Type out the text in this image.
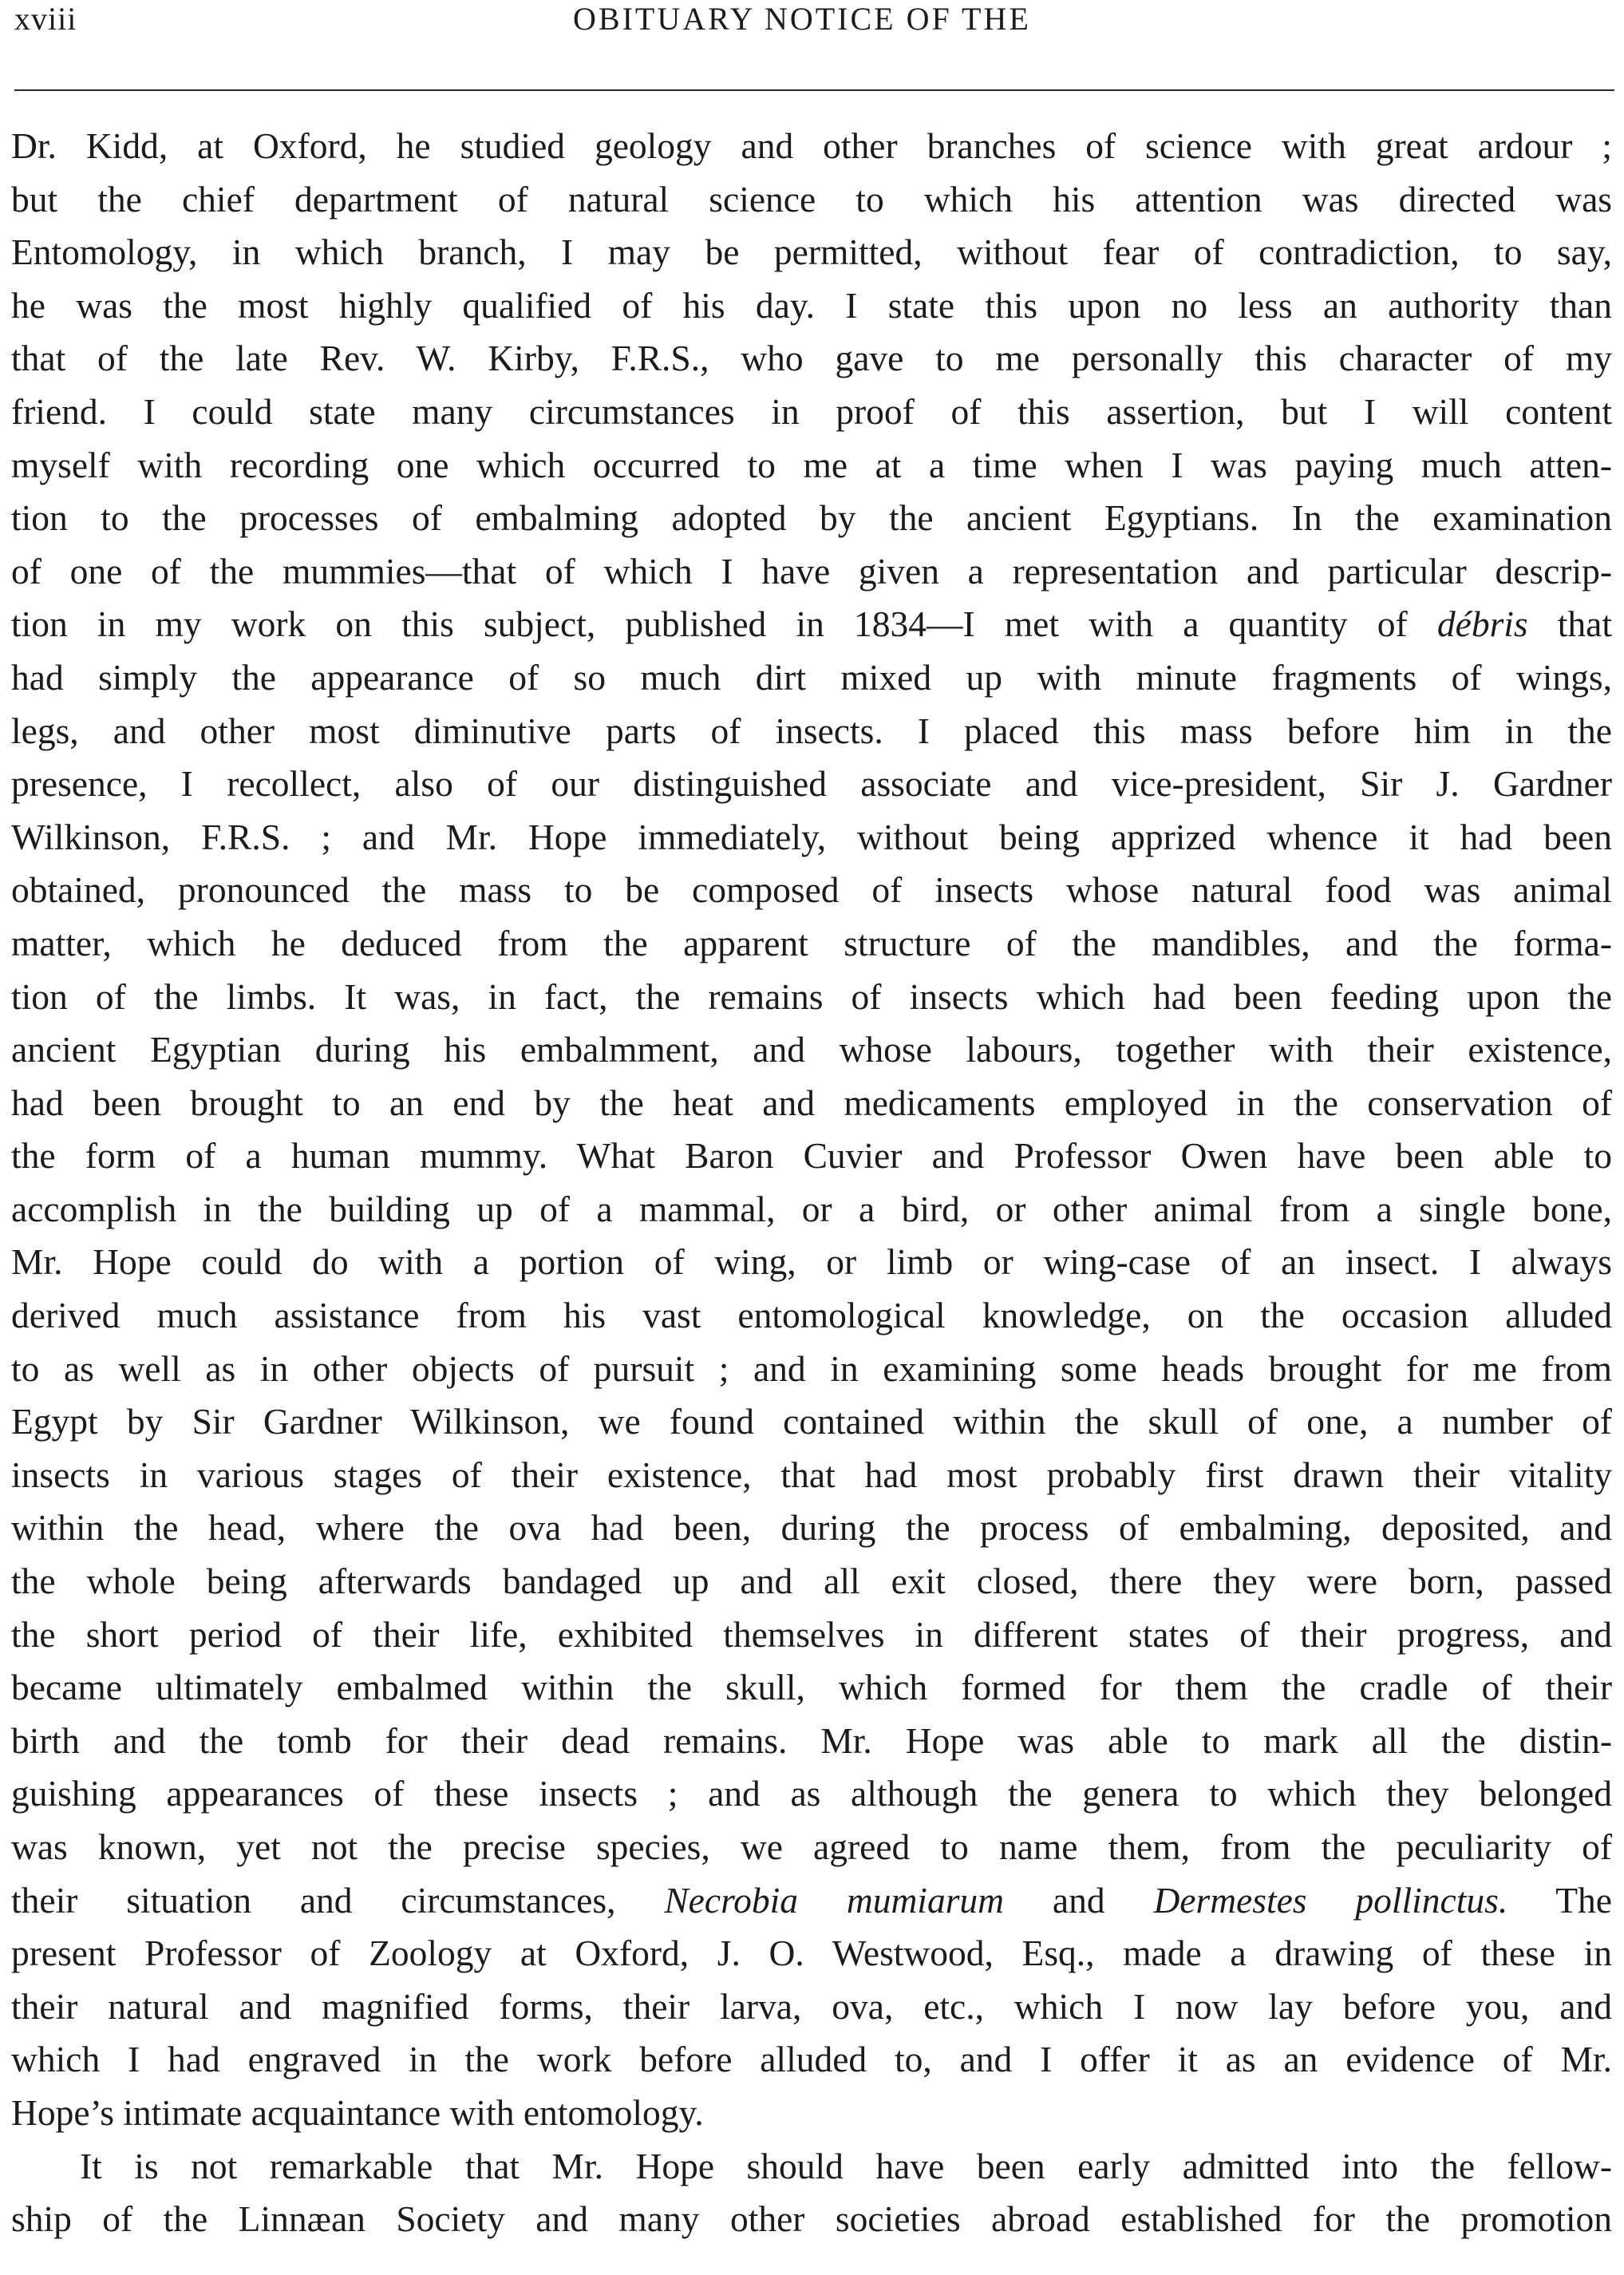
xviii	OBITUARY NOTICE OF THE
Dr. Kidd, at Oxford, he studied geology and other branches of science with great ardour ;
but the chief department of natural science to which his attention was directed was
Entomology, in which branch, I may be permitted, without fear of contradiction, to say,
he was the most highly qualified of his day. I state this upon no less an authority than
that of the late Rev. W. Kirby, F.R.S., who gave to me personally this character of my
friend. I could state many circumstances in proof of this assertion, but I will content
myself with recording one which occurred to me at a time when I was paying much atten-
tion to the processes of embalming adopted by the ancient Egyptians. In the examination
of one of the mummies—that of which I have given a representation and particular descrip-
tion in my work on this subject, published in 1834—I met with a quantity of débris that
had simply the appearance of so much dirt mixed up with minute fragments of wings,
legs, and other most diminutive parts of insects. I placed this mass before him in the
presence, I recollect, also of our distinguished associate and vice-president, Sir J. Gardner
Wilkinson, F.R.S. ; and Mr. Hope immediately, without being apprized whence it had been
obtained, pronounced the mass to be composed of insects whose natural food was animal
matter, which he deduced from the apparent structure of the mandibles, and the forma-
tion of the limbs. It was, in fact, the remains of insects which had been feeding upon the
ancient Egyptian during his embalmment, and whose labours, together with their existence,
had been brought to an end by the heat and medicaments employed in the conservation of
the form of a human mummy. What Baron Cuvier and Professor Owen have been able to
accomplish in the building up of a mammal, or a bird, or other animal from a single bone,
Mr. Hope could do with a portion of wing, or limb or wing-case of an insect. I always
derived much assistance from his vast entomological knowledge, on the occasion alluded
to as well as in other objects of pursuit ; and in examining some heads brought for me from
Egypt by Sir Gardner Wilkinson, we found contained within the skull of one, a number of
insects in various stages of their existence, that had most probably first drawn their vitality
within the head, where the ova had been, during the process of embalming, deposited, and
the whole being afterwards bandaged up and all exit closed, there they were born, passed
the short period of their life, exhibited themselves in different states of their progress, and
became ultimately embalmed within the skull, which formed for them the cradle of their
birth and the tomb for their dead remains. Mr. Hope was able to mark all the distin-
guishing appearances of these insects ; and as although the genera to which they belonged
was known, yet not the precise species, we agreed to name them, from the peculiarity of
their situation and circumstances, Necrobia mumiarum and Dermestes pollinctus. The
present Professor of Zoology at Oxford, J. O. Westwood, Esq., made a drawing of these in
their natural and magnified forms, their larva, ova, etc., which I now lay before you, and
which I had engraved in the work before alluded to, and I offer it as an evidence of Mr.
Hope’s intimate acquaintance with entomology.
It is not remarkable that Mr. Hope should have been early admitted into the fellow-
ship of the Linnæan Society and many other societies abroad established for the promotion
